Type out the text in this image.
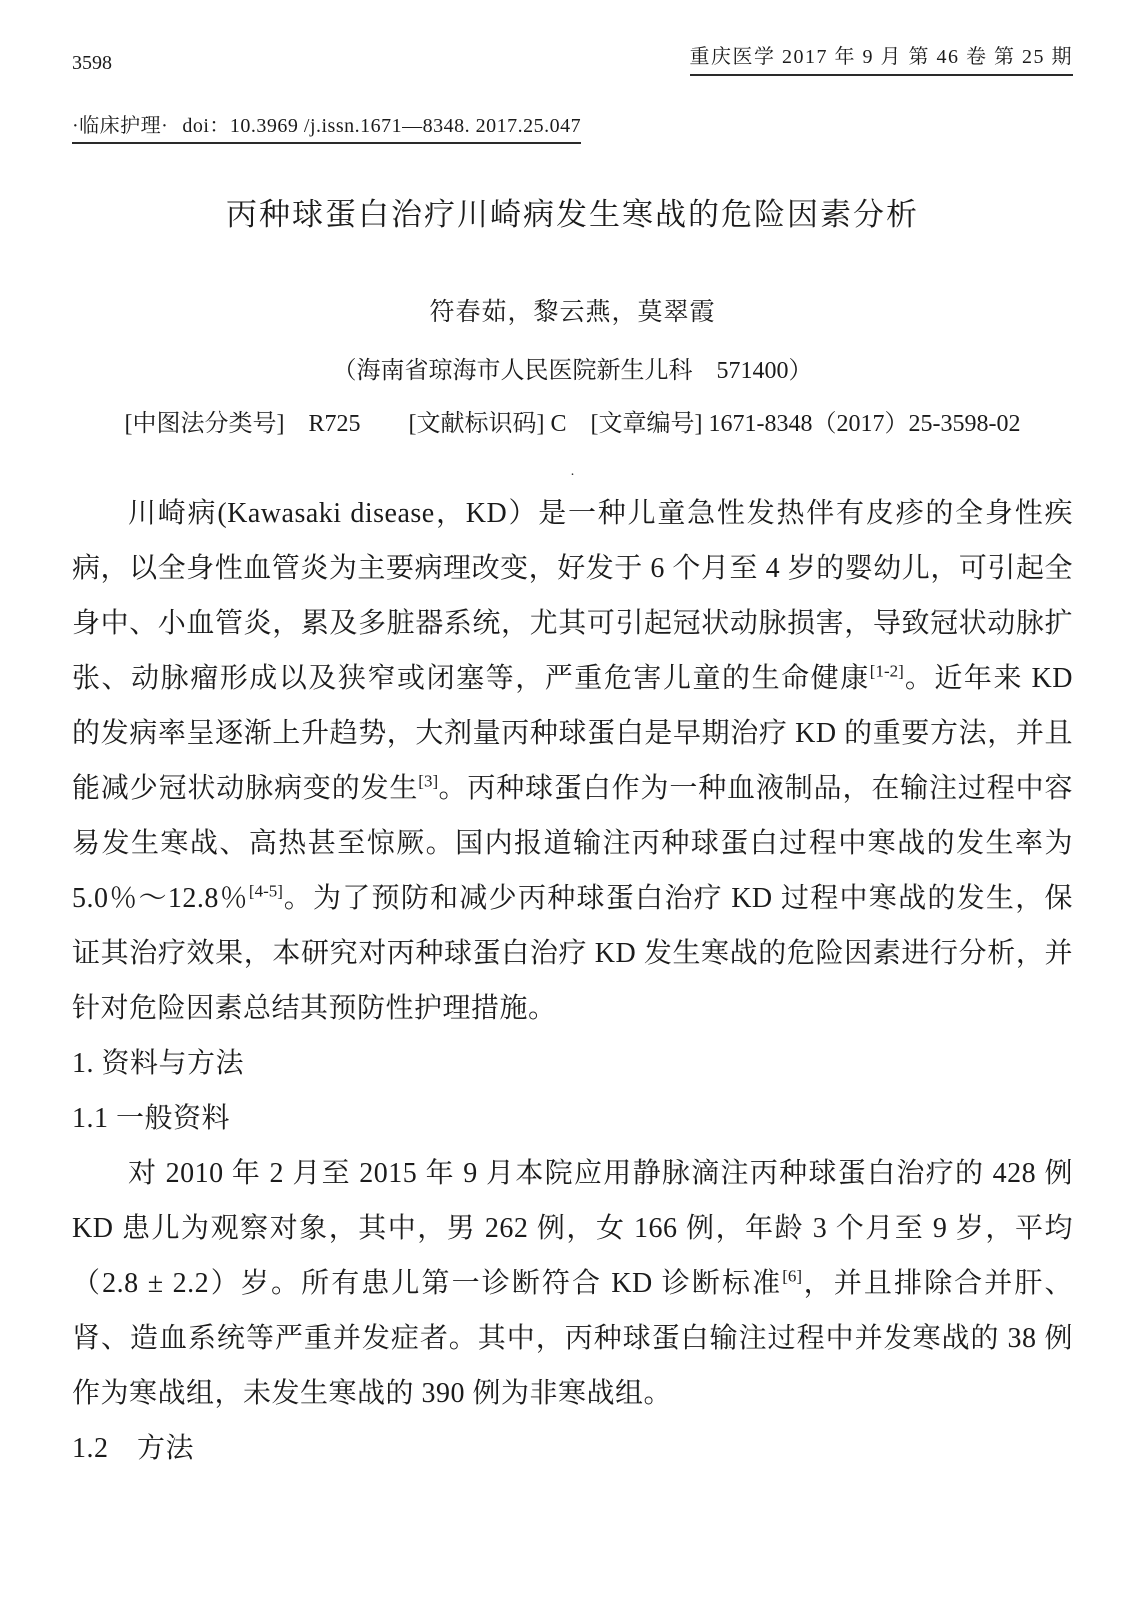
3598	重庆医学 2017 年 9 月 第 46 卷 第 25 期
·临床护理· doi：10.3969 /j.issn.1671—8348. 2017.25.047
丙种球蛋白治疗川崎病发生寒战的危险因素分析
符春茹，黎云燕，莫翠霞
（海南省琼海市人民医院新生儿科　571400）
[中图法分类号]　R725　　[文献标识码] C　[文章编号] 1671-8348（2017）25-3598-02
.

川崎病(Kawasaki disease，KD）是一种儿童急性发热伴有皮疹的全身性疾病，以全身性血管炎为主要病理改变，好发于 6 个月至 4 岁的婴幼儿，可引起全身中、小血管炎，累及多脏器系统，尤其可引起冠状动脉损害，导致冠状动脉扩张、动脉瘤形成以及狭窄或闭塞等，严重危害儿童的生命健康[1-2]。近年来 KD 的发病率呈逐渐上升趋势，大剂量丙种球蛋白是早期治疗 KD 的重要方法，并且能减少冠状动脉病变的发生[3]。丙种球蛋白作为一种血液制品，在输注过程中容易发生寒战、高热甚至惊厥。国内报道输注丙种球蛋白过程中寒战的发生率为 5.0％～12.8％[4-5]。为了预防和减少丙种球蛋白治疗 KD 过程中寒战的发生，保证其治疗效果，本研究对丙种球蛋白治疗 KD 发生寒战的危险因素进行分析，并针对危险因素总结其预防性护理措施。

1. 资料与方法
1.1 一般资料

对 2010 年 2 月至 2015 年 9 月本院应用静脉滴注丙种球蛋白治疗的 428 例 KD 患儿为观察对象，其中，男 262 例，女 166 例，年龄 3 个月至 9 岁，平均（2.8 ± 2.2）岁。所有患儿第一诊断符合 KD 诊断标准[6]，并且排除合并肝、肾、造血系统等严重并发症者。其中，丙种球蛋白输注过程中并发寒战的 38 例作为寒战组，未发生寒战的 390 例为非寒战组。

1.2　方法
